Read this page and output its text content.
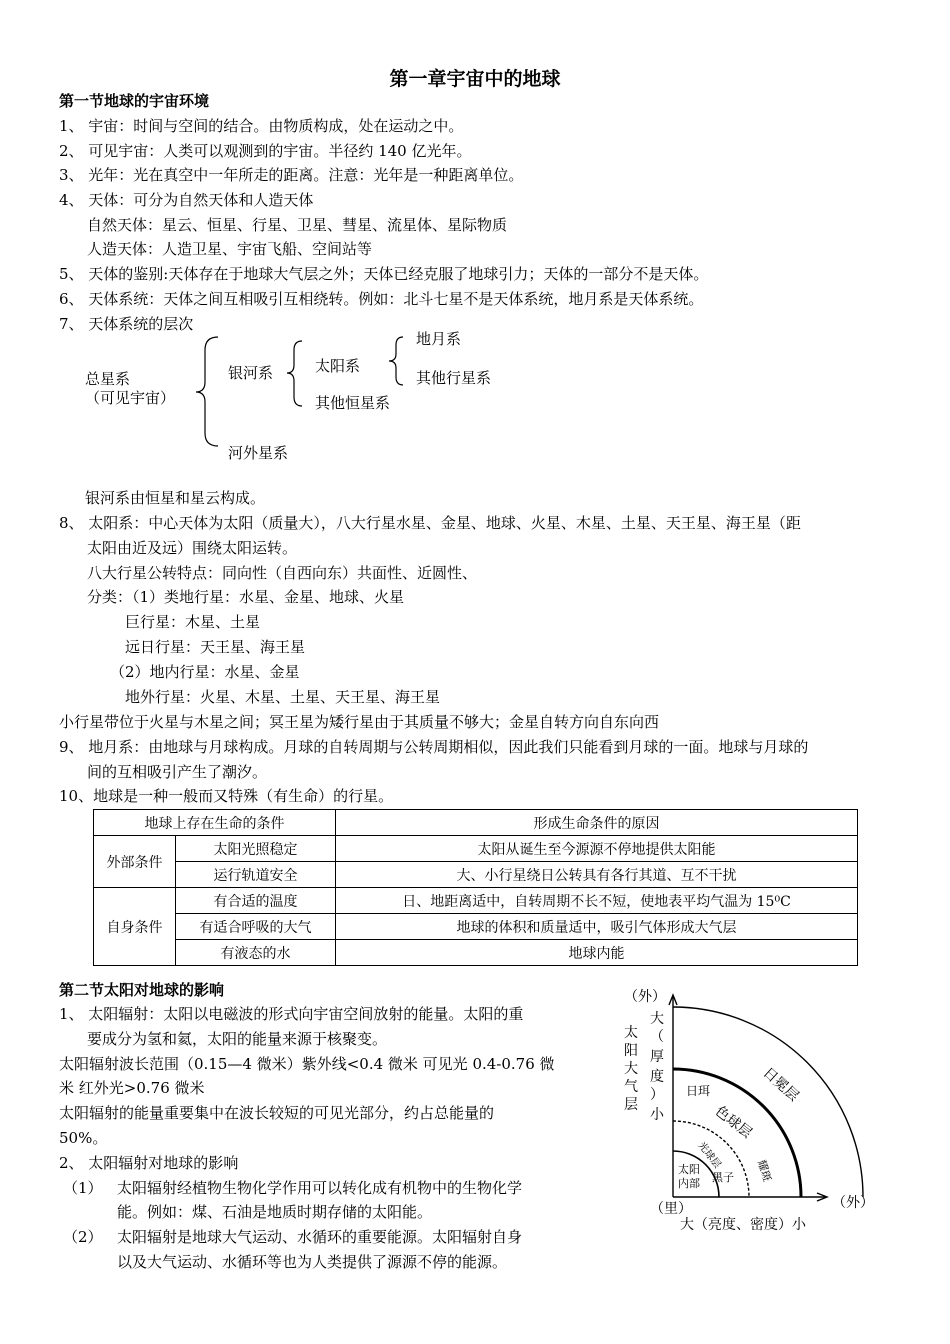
第一章宇宙中的地球
第一节地球的宇宙环境
1、 宇宙：时间与空间的结合。由物质构成，处在运动之中。
2、 可见宇宙：人类可以观测到的宇宙。半径约 140 亿光年。
3、 光年：光在真空中一年所走的距离。注意：光年是一种距离单位。
4、 天体：可分为自然天体和人造天体
自然天体：星云、恒星、行星、卫星、彗星、流星体、星际物质
人造天体：人造卫星、宇宙飞船、空间站等
5、 天体的鉴别:天体存在于地球大气层之外；天体已经克服了地球引力；天体的一部分不是天体。
6、 天体系统：天体之间互相吸引互相绕转。例如：北斗七星不是天体系统，地月系是天体系统。
7、 天体系统的层次
总星系
（可见宇宙）
银河系
河外星系
太阳系
其他恒星系
地月系
其他行星系
银河系由恒星和星云构成。
8、 太阳系：中心天体为太阳（质量大），八大行星水星、金星、地球、火星、木星、土星、天王星、海王星（距
太阳由近及远）围绕太阳运转。
八大行星公转特点：同向性（自西向东）共面性、近圆性、
分类：（1）类地行星：水星、金星、地球、火星
巨行星：木星、土星
远日行星：天王星、海王星
（2）地内行星：水星、金星
地外行星：火星、木星、土星、天王星、海王星
小行星带位于火星与木星之间；冥王星为矮行星由于其质量不够大；金星自转方向自东向西
9、 地月系：由地球与月球构成。月球的自转周期与公转周期相似，因此我们只能看到月球的一面。地球与月球的
间的互相吸引产生了潮汐。
10、地球是一种一般而又特殊（有生命）的行星。
地球上存在生命的条件		形成生命条件的原因
外部条件	太阳光照稳定	太阳从诞生至今源源不停地提供太阳能
	运行轨道安全	大、小行星绕日公转具有各行其道、互不干扰
自身条件	有合适的温度	日、地距离适中，自转周期不长不短，使地表平均气温为 15⁰C
	有适合呼吸的大气	地球的体积和质量适中，吸引气体形成大气层
	有液态的水	地球内能
第二节太阳对地球的影响
1、 太阳辐射：太阳以电磁波的形式向宇宙空间放射的能量。太阳的重
要成分为氢和氦，太阳的能量来源于核聚变。
太阳辐射波长范围（0.15—4 微米）紫外线<0.4 微米 可见光 0.4-0.76 微
米 红外光>0.76 微米
太阳辐射的能量重要集中在波长较短的可见光部分，约占总能量的
50%。
2、 太阳辐射对地球的影响
（1） 太阳辐射经植物生物化学作用可以转化成有机物中的生物化学
能。例如：煤、石油是地质时期存储的太阳能。
（2） 太阳辐射是地球大气运动、水循环的重要能源。太阳辐射自身
以及大气运动、水循环等也为人类提供了源源不停的能源。
（外）
大
太
阳
大
气
层
（
厚
度
）
小
（里）	（外）
大（亮度、密度）小
日冕层
日珥
色球层
光球层
黑子 耀斑
太阳
内部
